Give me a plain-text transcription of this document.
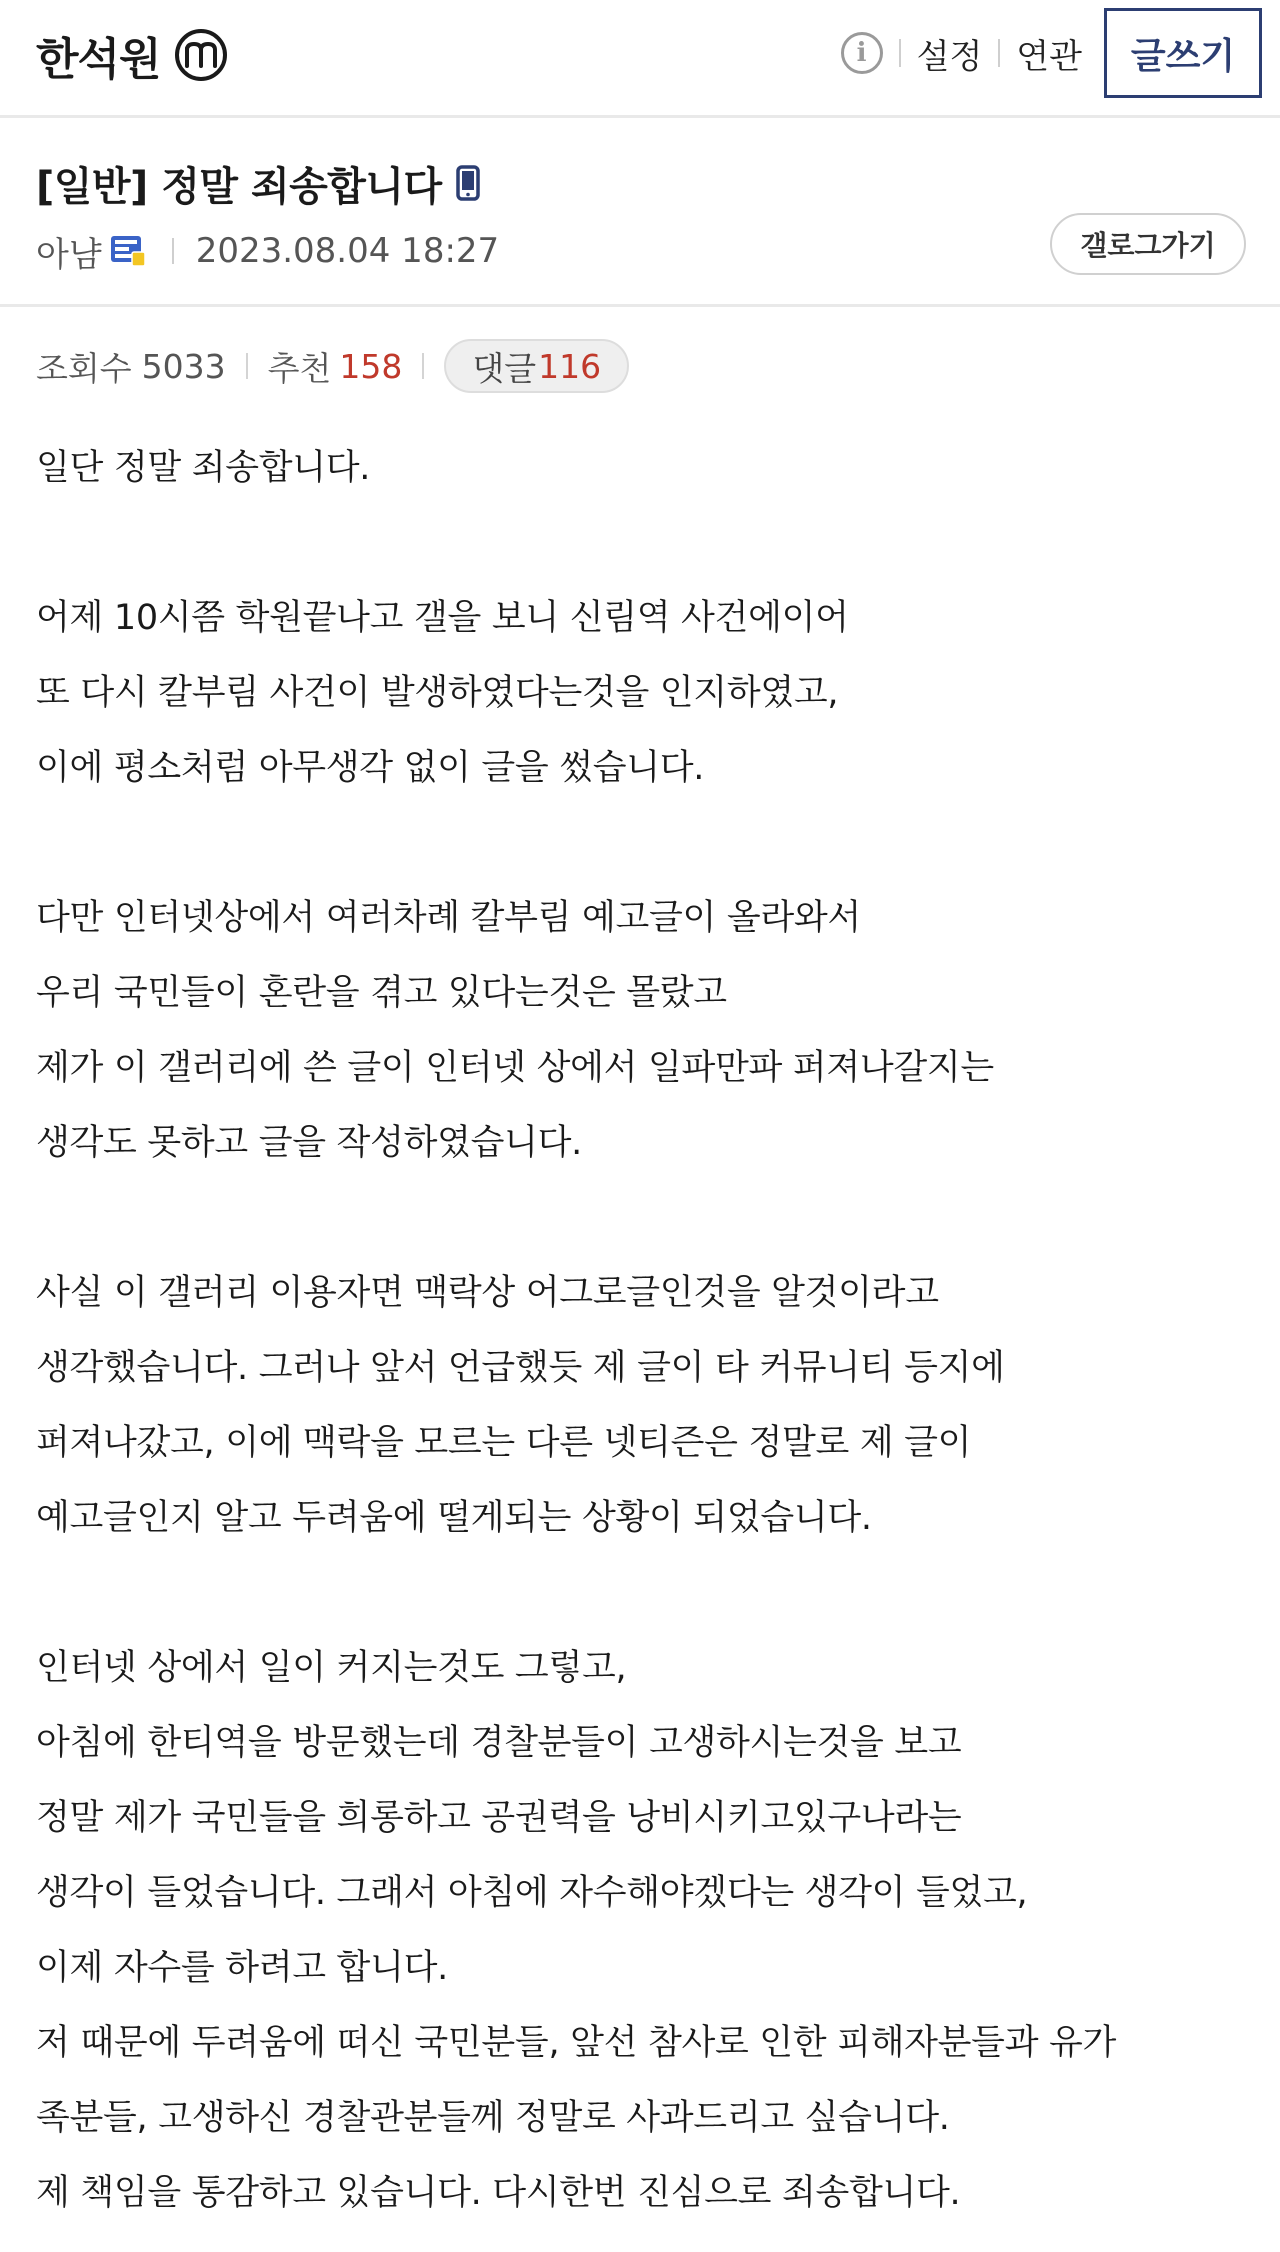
한석원	i	설정 연관	글쓰기
[일반] 정말 죄송합니다
아냠	2023.08.04 18:27	갤로그가기
조회수 5033 추천 158 댓글 116
일단 정말 죄송합니다.
어제 10시쯤 학원끝나고 갤을 보니 신림역 사건에이어
또 다시 칼부림 사건이 발생하였다는것을 인지하였고,
이에 평소처럼 아무생각 없이 글을 썼습니다.
다만 인터넷상에서 여러차례 칼부림 예고글이 올라와서
우리 국민들이 혼란을 겪고 있다는것은 몰랐고
제가 이 갤러리에 쓴 글이 인터넷 상에서 일파만파 퍼져나갈지는
생각도 못하고 글을 작성하였습니다.
사실 이 갤러리 이용자면 맥락상 어그로글인것을 알것이라고
생각했습니다. 그러나 앞서 언급했듯 제 글이 타 커뮤니티 등지에
퍼져나갔고, 이에 맥락을 모르는 다른 넷티즌은 정말로 제 글이
예고글인지 알고 두려움에 떨게되는 상황이 되었습니다.
인터넷 상에서 일이 커지는것도 그렇고,
아침에 한티역을 방문했는데 경찰분들이 고생하시는것을 보고
정말 제가 국민들을 희롱하고 공권력을 낭비시키고있구나라는
생각이 들었습니다. 그래서 아침에 자수해야겠다는 생각이 들었고,
이제 자수를 하려고 합니다.
저 때문에 두려움에 떠신 국민분들, 앞선 참사로 인한 피해자분들과 유가
족분들, 고생하신 경찰관분들께 정말로 사과드리고 싶습니다.
제 책임을 통감하고 있습니다. 다시한번 진심으로 죄송합니다.
